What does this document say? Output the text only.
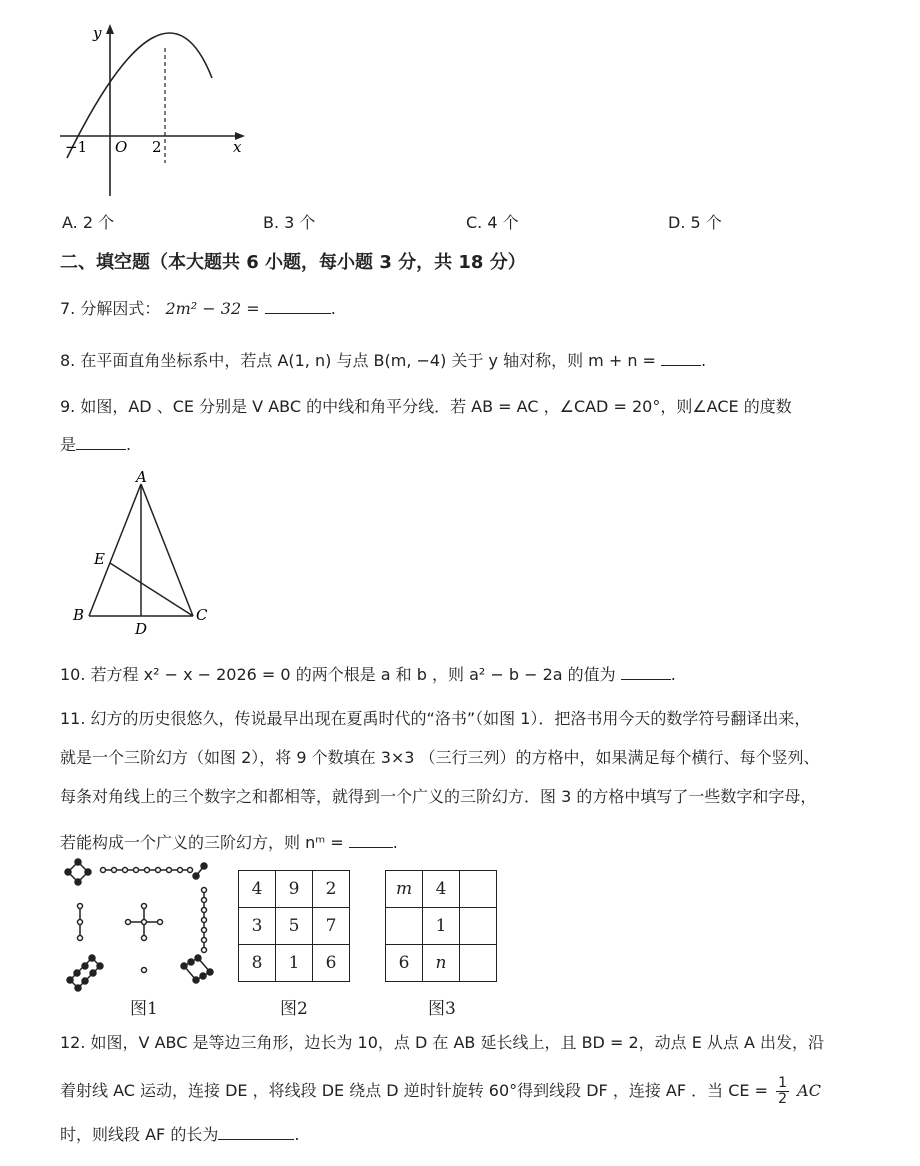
y
x
O
−1	2
A. 2 个	B. 3 个	C. 4 个	D. 5 个
二、填空题（本大题共 6 小题，每小题 3 分，共 18 分）
7. 分解因式： 2m² − 32 =	.
8. 在平面直角坐标系中，若点 A(1, n) 与点 B(m, −4) 关于 y 轴对称，则 m + n =	.
9. 如图，AD 、CE 分别是 V ABC 的中线和角平分线．若 AB = AC ，∠CAD = 20°，则∠ACE 的度数
是	.
A
B	C
D
E
10. 若方程 x² − x − 2026 = 0 的两个根是 a 和 b ，则 a² − b − 2a 的值为	.
11. 幻方的历史很悠久，传说最早出现在夏禹时代的“洛书”（如图 1）．把洛书用今天的数学符号翻译出来，
就是一个三阶幻方（如图 2），将 9 个数填在 3×3 （三行三列）的方格中，如果满足每个横行、每个竖列、
每条对角线上的三个数字之和都相等，就得到一个广义的三阶幻方．图 3 的方格中填写了一些数字和字母，
若能构成一个广义的三阶幻方，则 nᵐ =	.
图1
4	9	2
3	5	7
8	1	6
图2
m	4	
	1	
6	n	
图3
12. 如图，V ABC 是等边三角形，边长为 10，点 D 在 AB 延长线上，且 BD = 2，动点 E 从点 A 出发，沿
着射线 AC 运动，连接 DE ，将线段 DE 绕点 D 逆时针旋转 60°得到线段 DF ，连接 AF ．当 CE = $\frac{1}{2}$ AC
时，则线段 AF 的长为	.
